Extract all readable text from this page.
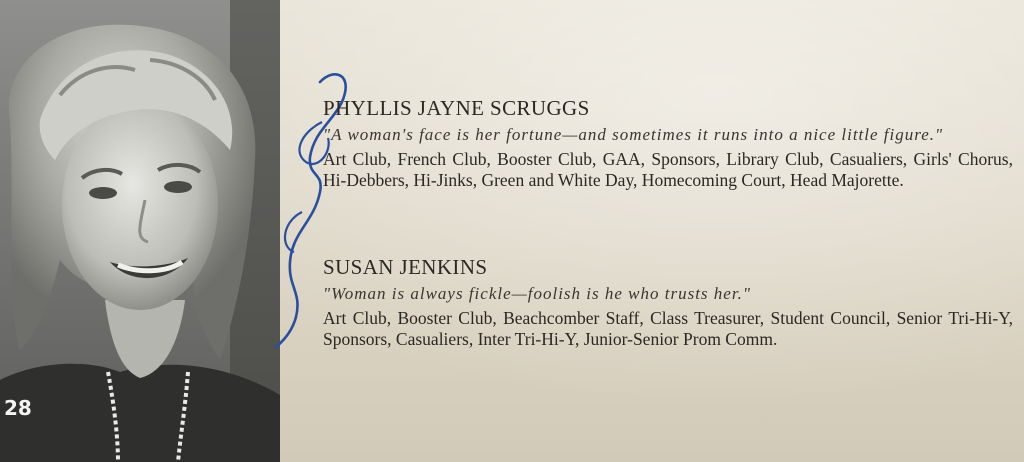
28

PHYLLIS JAYNE SCRUGGS

"A woman's face is her fortune—and sometimes it runs into a nice little figure."

Art Club, French Club, Booster Club, GAA, Sponsors, Library Club, Casualiers, Girls' Chorus, Hi-Debbers, Hi-Jinks, Green and White Day, Homecoming Court, Head Majorette.

SUSAN JENKINS

"Woman is always fickle—foolish is he who trusts her."

Art Club, Booster Club, Beachcomber Staff, Class Treasurer, Student Council, Senior Tri-Hi-Y, Sponsors, Casualiers, Inter Tri-Hi-Y, Junior-Senior Prom Comm.
